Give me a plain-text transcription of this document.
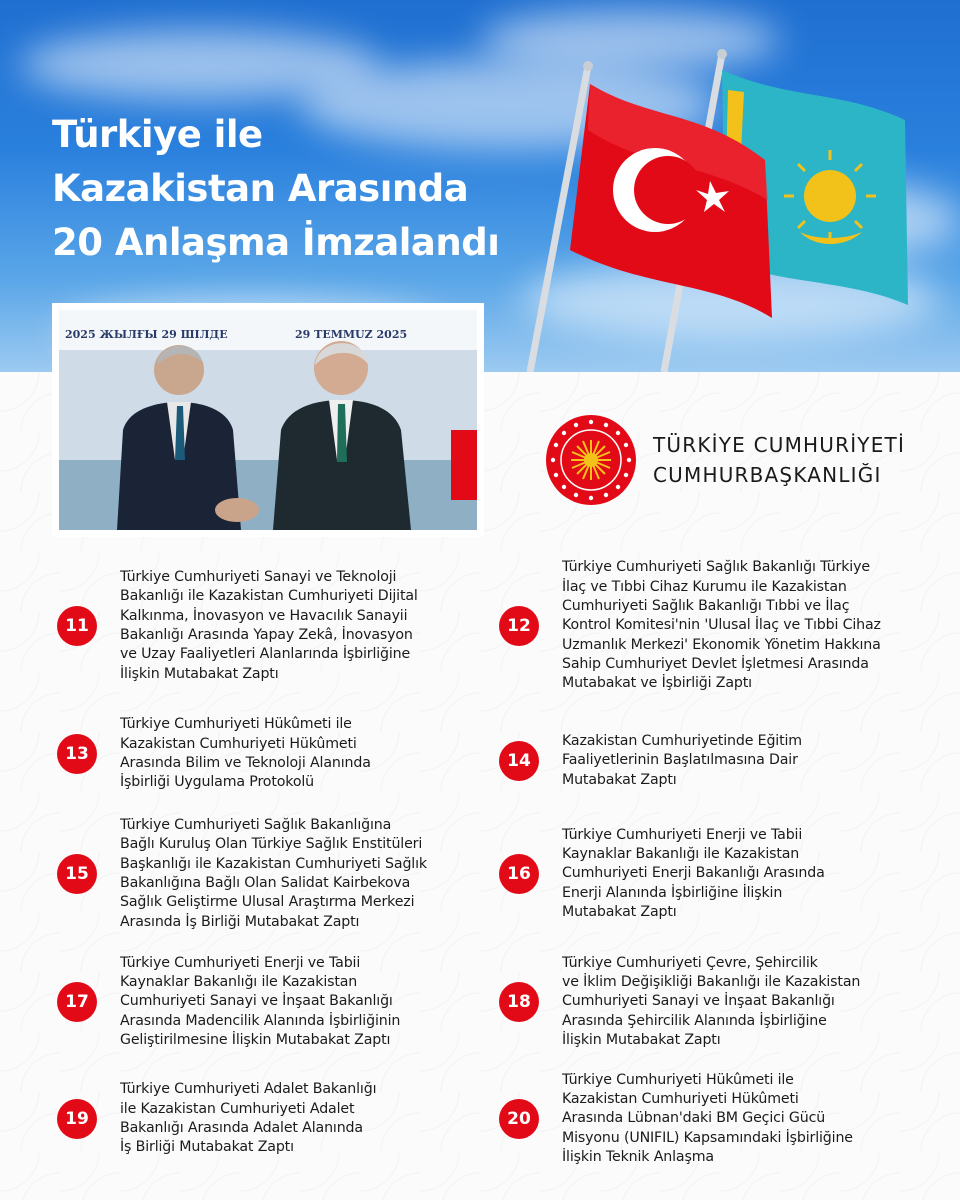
Türkiye ile
Kazakistan Arasında
20 Anlaşma İmzalandı
2025 ЖЫЛҒЫ 29 ШІЛДЕ	29 TEMMUZ 2025
TÜRKİYE CUMHURİYETİ
CUMHURBAŞKANLIĞI
11
Türkiye Cumhuriyeti Sanayi ve Teknoloji
Bakanlığı ile Kazakistan Cumhuriyeti Dijital
Kalkınma, İnovasyon ve Havacılık Sanayii
Bakanlığı Arasında Yapay Zekâ, İnovasyon
ve Uzay Faaliyetleri Alanlarında İşbirliğine
İlişkin Mutabakat Zaptı
12
Türkiye Cumhuriyeti Sağlık Bakanlığı Türkiye
İlaç ve Tıbbi Cihaz Kurumu ile Kazakistan
Cumhuriyeti Sağlık Bakanlığı Tıbbi ve İlaç
Kontrol Komitesi'nin 'Ulusal İlaç ve Tıbbi Cihaz
Uzmanlık Merkezi' Ekonomik Yönetim Hakkına
Sahip Cumhuriyet Devlet İşletmesi Arasında
Mutabakat ve İşbirliği Zaptı
13
Türkiye Cumhuriyeti Hükûmeti ile
Kazakistan Cumhuriyeti Hükûmeti
Arasında Bilim ve Teknoloji Alanında
İşbirliği Uygulama Protokolü
14
Kazakistan Cumhuriyetinde Eğitim
Faaliyetlerinin Başlatılmasına Dair
Mutabakat Zaptı
15
Türkiye Cumhuriyeti Sağlık Bakanlığına
Bağlı Kuruluş Olan Türkiye Sağlık Enstitüleri
Başkanlığı ile Kazakistan Cumhuriyeti Sağlık
Bakanlığına Bağlı Olan Salidat Kairbekova
Sağlık Geliştirme Ulusal Araştırma Merkezi
Arasında İş Birliği Mutabakat Zaptı
16
Türkiye Cumhuriyeti Enerji ve Tabii
Kaynaklar Bakanlığı ile Kazakistan
Cumhuriyeti Enerji Bakanlığı Arasında
Enerji Alanında İşbirliğine İlişkin
Mutabakat Zaptı
17
Türkiye Cumhuriyeti Enerji ve Tabii
Kaynaklar Bakanlığı ile Kazakistan
Cumhuriyeti Sanayi ve İnşaat Bakanlığı
Arasında Madencilik Alanında İşbirliğinin
Geliştirilmesine İlişkin Mutabakat Zaptı
18
Türkiye Cumhuriyeti Çevre, Şehircilik
ve İklim Değişikliği Bakanlığı ile Kazakistan
Cumhuriyeti Sanayi ve İnşaat Bakanlığı
Arasında Şehircilik Alanında İşbirliğine
İlişkin Mutabakat Zaptı
19
Türkiye Cumhuriyeti Adalet Bakanlığı
ile Kazakistan Cumhuriyeti Adalet
Bakanlığı Arasında Adalet Alanında
İş Birliği Mutabakat Zaptı
20
Türkiye Cumhuriyeti Hükûmeti ile
Kazakistan Cumhuriyeti Hükûmeti
Arasında Lübnan'daki BM Geçici Gücü
Misyonu (UNIFIL) Kapsamındaki İşbirliğine
İlişkin Teknik Anlaşma
